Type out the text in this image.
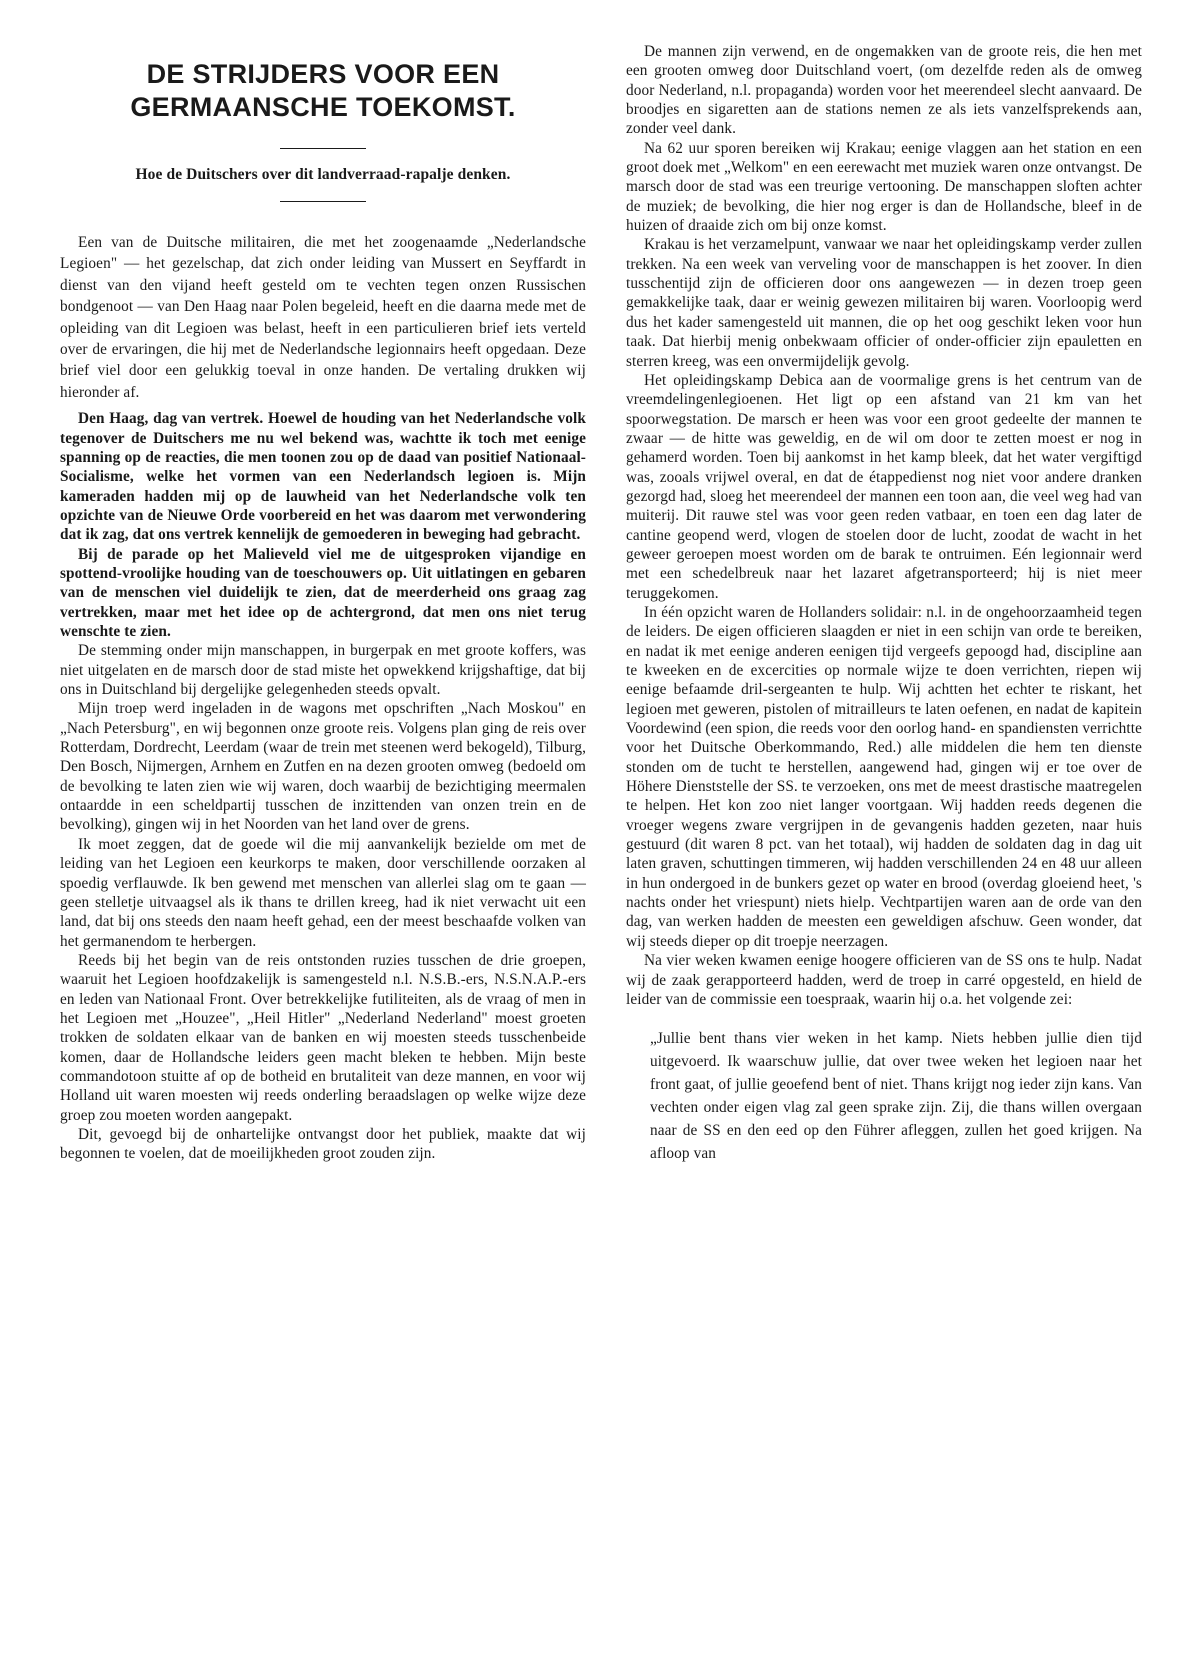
DE STRIJDERS VOOR EEN GERMAANSCHE TOEKOMST.
Hoe de Duitschers over dit landverraad-rapalje denken.

Een van de Duitsche militairen, die met het zoogenaamde „Nederlandsche Legioen" — het gezelschap, dat zich onder leiding van Mussert en Seyffardt in dienst van den vijand heeft gesteld om te vechten tegen onzen Russischen bondgenoot — van Den Haag naar Polen begeleid, heeft en die daarna mede met de opleiding van dit Legioen was belast, heeft in een particulieren brief iets verteld over de ervaringen, die hij met de Nederlandsche legionnairs heeft opgedaan. Deze brief viel door een gelukkig toeval in onze handen. De vertaling drukken wij hieronder af.

Den Haag, dag van vertrek. Hoewel de houding van het Nederlandsche volk tegenover de Duitschers me nu wel bekend was, wachtte ik toch met eenige spanning op de reacties, die men toonen zou op de daad van positief Nationaal-Socialisme, welke het vormen van een Nederlandsch legioen is. Mijn kameraden hadden mij op de lauwheid van het Nederlandsche volk ten opzichte van de Nieuwe Orde voorbereid en het was daarom met verwondering dat ik zag, dat ons vertrek kennelijk de gemoederen in beweging had gebracht.

Bij de parade op het Malieveld viel me de uitgesproken vijandige en spottend-vroolijke houding van de toeschouwers op. Uit uitlatingen en gebaren van de menschen viel duidelijk te zien, dat de meerderheid ons graag zag vertrekken, maar met het idee op de achtergrond, dat men ons niet terug wenschte te zien.

De stemming onder mijn manschappen, in burgerpak en met groote koffers, was niet uitgelaten en de marsch door de stad miste het opwekkend krijgshaftige, dat bij ons in Duitschland bij dergelijke gelegenheden steeds opvalt.

Mijn troep werd ingeladen in de wagons met opschriften „Nach Moskou" en „Nach Petersburg", en wij begonnen onze groote reis. Volgens plan ging de reis over Rotterdam, Dordrecht, Leerdam (waar de trein met steenen werd bekogeld), Tilburg, Den Bosch, Nijmergen, Arnhem en Zutfen en na dezen grooten omweg (bedoeld om de bevolking te laten zien wie wij waren, doch waarbij de bezichtiging meermalen ontaardde in een scheldpartij tusschen de inzittenden van onzen trein en de bevolking), gingen wij in het Noorden van het land over de grens.

Ik moet zeggen, dat de goede wil die mij aanvankelijk bezielde om met de leiding van het Legioen een keurkorps te maken, door verschillende oorzaken al spoedig verflauwde. Ik ben gewend met menschen van allerlei slag om te gaan — geen stelletje uitvaagsel als ik thans te drillen kreeg, had ik niet verwacht uit een land, dat bij ons steeds den naam heeft gehad, een der meest beschaafde volken van het germanendom te herbergen.

Reeds bij het begin van de reis ontstonden ruzies tusschen de drie groepen, waaruit het Legioen hoofdzakelijk is samengesteld n.l. N.S.B.-ers, N.S.N.A.P.-ers en leden van Nationaal Front. Over betrekkelijke futiliteiten, als de vraag of men in het Legioen met „Houzee", „Heil Hitler" „Nederland Nederland" moest groeten trokken de soldaten elkaar van de banken en wij moesten steeds tusschenbeide komen, daar de Hollandsche leiders geen macht bleken te hebben. Mijn beste commandotoon stuitte af op de botheid en brutaliteit van deze mannen, en voor wij Holland uit waren moesten wij reeds onderling beraadslagen op welke wijze deze groep zou moeten worden aangepakt.

Dit, gevoegd bij de onhartelijke ontvangst door het publiek, maakte dat wij begonnen te voelen, dat de moeilijkheden groot zouden zijn.

De mannen zijn verwend, en de ongemakken van de groote reis, die hen met een grooten omweg door Duitschland voert, (om dezelfde reden als de omweg door Nederland, n.l. propaganda) worden voor het meerendeel slecht aanvaard. De broodjes en sigaretten aan de stations nemen ze als iets vanzelfsprekends aan, zonder veel dank.

Na 62 uur sporen bereiken wij Krakau; eenige vlaggen aan het station en een groot doek met „Welkom" en een eerewacht met muziek waren onze ontvangst. De marsch door de stad was een treurige vertooning. De manschappen sloften achter de muziek; de bevolking, die hier nog erger is dan de Hollandsche, bleef in de huizen of draaide zich om bij onze komst.

Krakau is het verzamelpunt, vanwaar we naar het opleidingskamp verder zullen trekken. Na een week van verveling voor de manschappen is het zoover. In dien tusschentijd zijn de officieren door ons aangewezen — in dezen troep geen gemakkelijke taak, daar er weinig gewezen militairen bij waren. Voorloopig werd dus het kader samengesteld uit mannen, die op het oog geschikt leken voor hun taak. Dat hierbij menig onbekwaam officier of onder-officier zijn epauletten en sterren kreeg, was een onvermijdelijk gevolg.

Het opleidingskamp Debica aan de voormalige grens is het centrum van de vreemdelingenlegioenen. Het ligt op een afstand van 21 km van het spoorwegstation. De marsch er heen was voor een groot gedeelte der mannen te zwaar — de hitte was geweldig, en de wil om door te zetten moest er nog in gehamerd worden. Toen bij aankomst in het kamp bleek, dat het water vergiftigd was, zooals vrijwel overal, en dat de étappedienst nog niet voor andere dranken gezorgd had, sloeg het meerendeel der mannen een toon aan, die veel weg had van muiterij. Dit rauwe stel was voor geen reden vatbaar, en toen een dag later de cantine geopend werd, vlogen de stoelen door de lucht, zoodat de wacht in het geweer geroepen moest worden om de barak te ontruimen. Eén legionnair werd met een schedelbreuk naar het lazaret afgetransporteerd; hij is niet meer teruggekomen.

In één opzicht waren de Hollanders solidair: n.l. in de ongehoorzaamheid tegen de leiders. De eigen officieren slaagden er niet in een schijn van orde te bereiken, en nadat ik met eenige anderen eenigen tijd vergeefs gepoogd had, discipline aan te kweeken en de excercities op normale wijze te doen verrichten, riepen wij eenige befaamde dril-sergeanten te hulp. Wij achtten het echter te riskant, het legioen met geweren, pistolen of mitrailleurs te laten oefenen, en nadat de kapitein Voordewind (een spion, die reeds voor den oorlog hand- en spandiensten verrichtte voor het Duitsche Oberkommando, Red.) alle middelen die hem ten dienste stonden om de tucht te herstellen, aangewend had, gingen wij er toe over de Höhere Dienststelle der SS. te verzoeken, ons met de meest drastische maatregelen te helpen. Het kon zoo niet langer voortgaan. Wij hadden reeds degenen die vroeger wegens zware vergrijpen in de gevangenis hadden gezeten, naar huis gestuurd (dit waren 8 pct. van het totaal), wij hadden de soldaten dag in dag uit laten graven, schuttingen timmeren, wij hadden verschillenden 24 en 48 uur alleen in hun ondergoed in de bunkers gezet op water en brood (overdag gloeiend heet, 's nachts onder het vriespunt) niets hielp. Vechtpartijen waren aan de orde van den dag, van werken hadden de meesten een geweldigen afschuw. Geen wonder, dat wij steeds dieper op dit troepje neerzagen.

Na vier weken kwamen eenige hoogere officieren van de SS ons te hulp. Nadat wij de zaak gerapporteerd hadden, werd de troep in carré opgesteld, en hield de leider van de commissie een toespraak, waarin hij o.a. het volgende zei:

„Jullie bent thans vier weken in het kamp. Niets hebben jullie dien tijd uitgevoerd. Ik waarschuw jullie, dat over twee weken het legioen naar het front gaat, of jullie geoefend bent of niet. Thans krijgt nog ieder zijn kans. Van vechten onder eigen vlag zal geen sprake zijn. Zij, die thans willen overgaan naar de SS en den eed op den Führer afleggen, zullen het goed krijgen. Na afloop van
